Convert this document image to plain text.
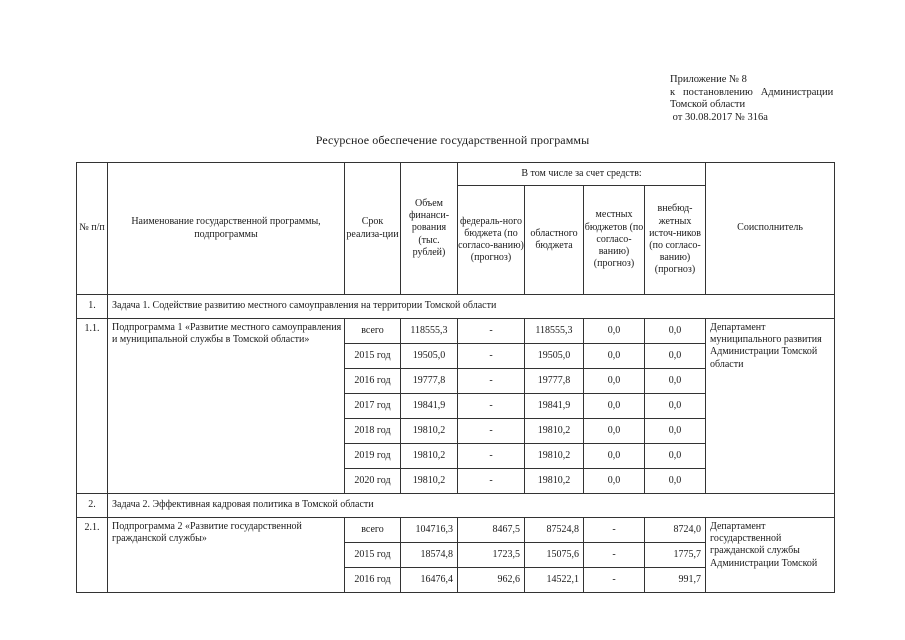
Приложение № 8
к   постановлению   Администрации
Томской области
от 30.08.2017 № 316а
Ресурсное обеспечение государственной программы
№ п/п	Наименование государственной программы, подпрограммы	Срок реализа-ции	Объем финанси-рования (тыс. рублей)	В том числе за счет средств:				Соисполнитель
				федераль-ного бюджета (по согласо-ванию) (прогноз)	областного бюджета	местных бюджетов (по согласо-ванию) (прогноз)	внебюд-жетных источ-ников (по согласо-ванию) (прогноз)	
1.	Задача 1. Содействие развитию местного самоуправления на территории Томской области							
1.1.	Подпрограмма 1 «Развитие местного самоуправления и муниципальной службы в Томской области»	всего	118555,3	-	118555,3	0,0	0,0	Департамент муниципального развития Администрации Томской области
		2015 год	19505,0	-	19505,0	0,0	0,0	
		2016 год	19777,8	-	19777,8	0,0	0,0	
		2017 год	19841,9	-	19841,9	0,0	0,0	
		2018 год	19810,2	-	19810,2	0,0	0,0	
		2019 год	19810,2	-	19810,2	0,0	0,0	
		2020 год	19810,2	-	19810,2	0,0	0,0	
2.	Задача 2. Эффективная кадровая политика в Томской области							
2.1.	Подпрограмма 2 «Развитие государственной гражданской службы»	всего	104716,3	8467,5	87524,8	-	8724,0	Департамент государственной гражданской службы Администрации Томской
		2015 год	18574,8	1723,5	15075,6	-	1775,7	
		2016 год	16476,4	962,6	14522,1	-	991,7	
